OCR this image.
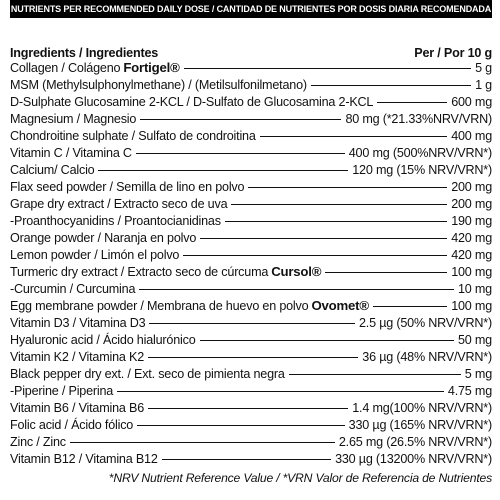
NUTRIENTS PER RECOMMENDED DAILY DOSE / CANTIDAD DE NUTRIENTES POR DOSIS DIARIA RECOMENDADA
Ingredients / Ingredientes	Per / Por 10 g
Collagen / Colágeno Fortigel®	5 g
MSM (Methylsulphonylmethane) / (Metilsulfonilmetano)	1 g
D-Sulphate Glucosamine 2-KCL / D-Sulfato de Glucosamina 2-KCL	600 mg
Magnesium / Magnesio	80 mg (*21.33%NRV/VRN)
Chondroitine sulphate / Sulfato de condroitina	400 mg
Vitamin C / Vitamina C	400 mg (500%NRV/VRN*)
Calcium/ Calcio	120 mg (15% NRV/VRN*)
Flax seed powder / Semilla de lino en polvo	200 mg
Grape dry extract / Extracto seco de uva	200 mg
-Proanthocyanidins / Proantocianidinas	190 mg
Orange powder / Naranja en polvo	420 mg
Lemon powder / Limón el polvo	420 mg
Turmeric dry extract / Extracto seco de cúrcuma Cursol®	100 mg
-Curcumin / Curcumina	10 mg
Egg membrane powder / Membrana de huevo en polvo Ovomet®	100 mg
Vitamin D3 / Vitamina D3	2.5 µg (50% NRV/VRN*)
Hyaluronic acid / Ácido hialurónico	50 mg
Vitamin K2 / Vitamina K2	36 µg (48% NRV/VRN*)
Black pepper dry ext. / Ext. seco de pimienta negra	5 mg
-Piperine / Piperina	4.75 mg
Vitamin B6 / Vitamina B6	1.4 mg(100% NRV/VRN*)
Folic acid / Ácido fólico	330 µg (165% NRV/VRN*)
Zinc / Zinc	2.65 mg (26.5% NRV/VRN*)
Vitamin B12 / Vitamina B12	330 µg (13200% NRV/VRN*)
*NRV Nutrient Reference Value / *VRN Valor de Referencia de Nutrientes
